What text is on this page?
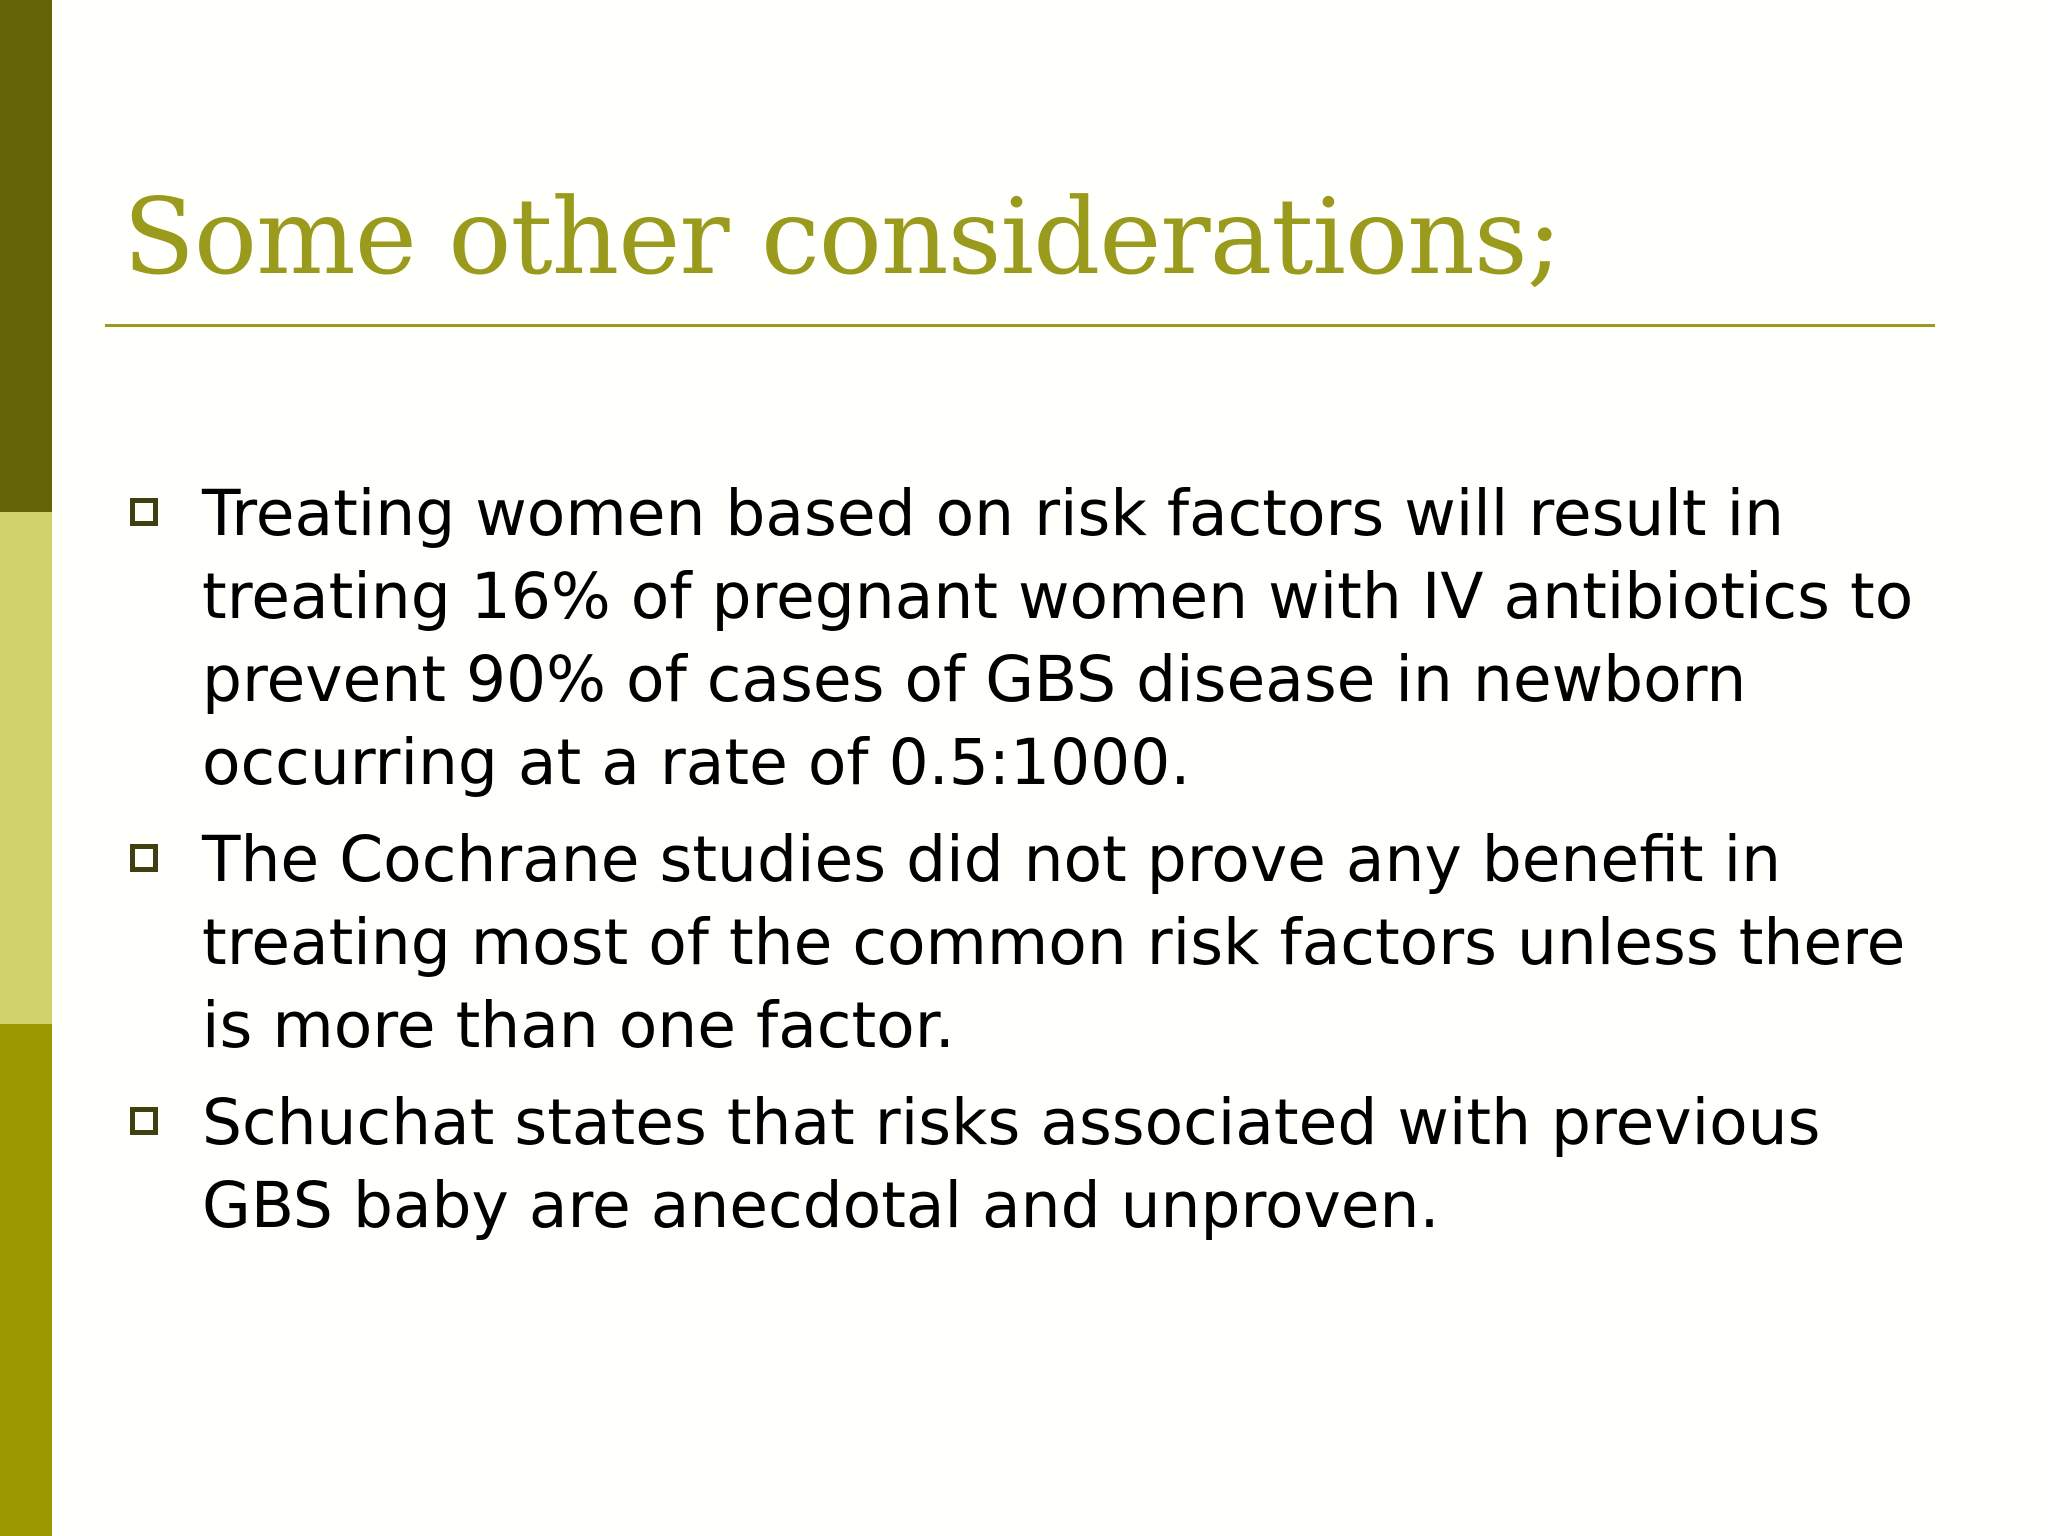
Some other considerations;
Treating women based on risk factors will result in treating 16% of pregnant women with IV antibiotics to prevent 90% of cases of GBS disease in newborn occurring at a rate of 0.5:1000.
The Cochrane studies did not prove any benefit in treating most of the common risk factors unless there is more than one factor.
Schuchat states that risks associated with previous GBS baby are anecdotal and unproven.
